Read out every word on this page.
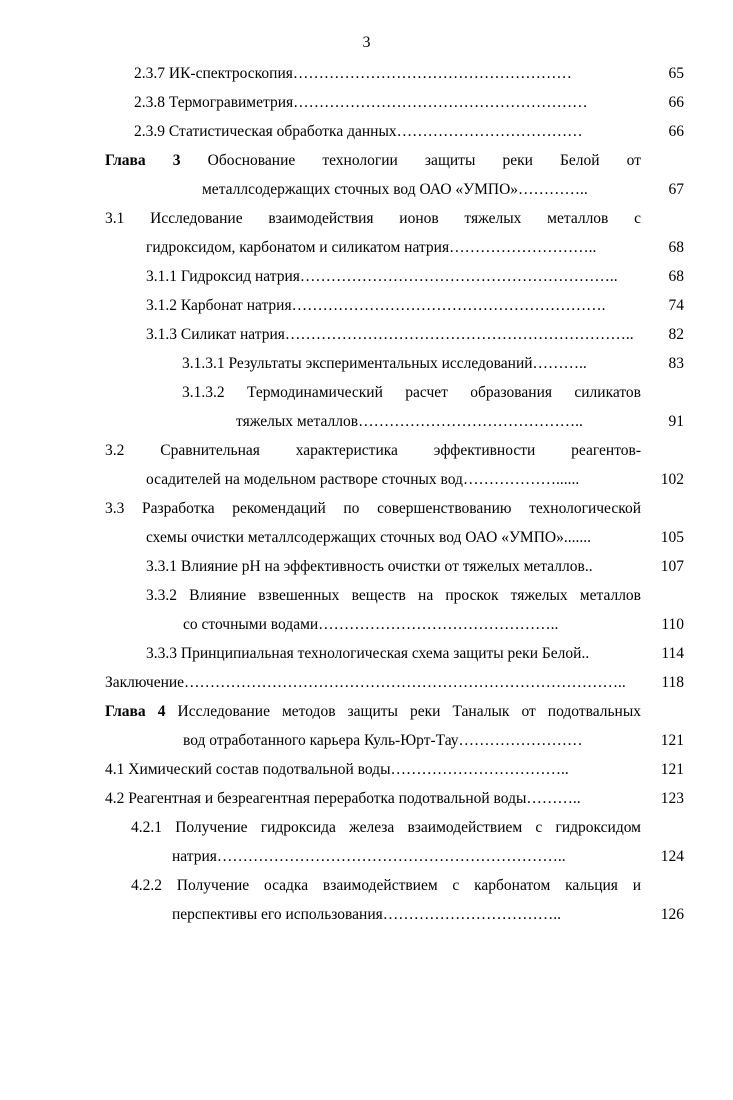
3
2.3.7 ИК-спектроскопия………………………………………………	65
2.3.8 Термогравиметрия…………………………………………………	66
2.3.9 Статистическая обработка данных………………………………	66
Глава 3 Обоснование технологии защиты реки Белой от
металлсодержащих сточных вод ОАО «УМПО»…………..	67
3.1 Исследование взаимодействия ионов тяжелых металлов с
гидроксидом, карбонатом и силикатом натрия………………………..	68
3.1.1 Гидроксид натрия……………………………………………………..	68
3.1.2 Карбонат натрия…………………………………………………….	74
3.1.3 Силикат натрия………………………………………………………….. 82
3.1.3.1 Результаты экспериментальных исследований………..	83
3.1.3.2 Термодинамический расчет образования силикатов
тяжелых металлов……………………………………..	91
3.2 Сравнительная характеристика эффективности реагентов-
осадителей на модельном растворе сточных вод………………......	102
3.3 Разработка рекомендаций по совершенствованию технологической
схемы очистки металлсодержащих сточных вод ОАО «УМПО».......	105
3.3.1 Влияние рН на эффективность очистки от тяжелых металлов..	107
3.3.2 Влияние взвешенных веществ на проскок тяжелых металлов
со сточными водами………………………………………..	110
3.3.3 Принципиальная технологическая схема защиты реки Белой..	114
Заключение………………………………………………………………………….. 118
Глава 4 Исследование методов защиты реки Таналык от подотвальных
вод отработанного карьера Куль-Юрт-Тау……………………	121
4.1 Химический состав подотвальной воды……………………………..	121
4.2 Реагентная и безреагентная переработка подотвальной воды………..	123
4.2.1 Получение гидроксида железа взаимодействием с гидроксидом
натрия…………………………………………………………..	124
4.2.2 Получение осадка взаимодействием с карбонатом кальция и
перспективы его использования……………………………..	126
